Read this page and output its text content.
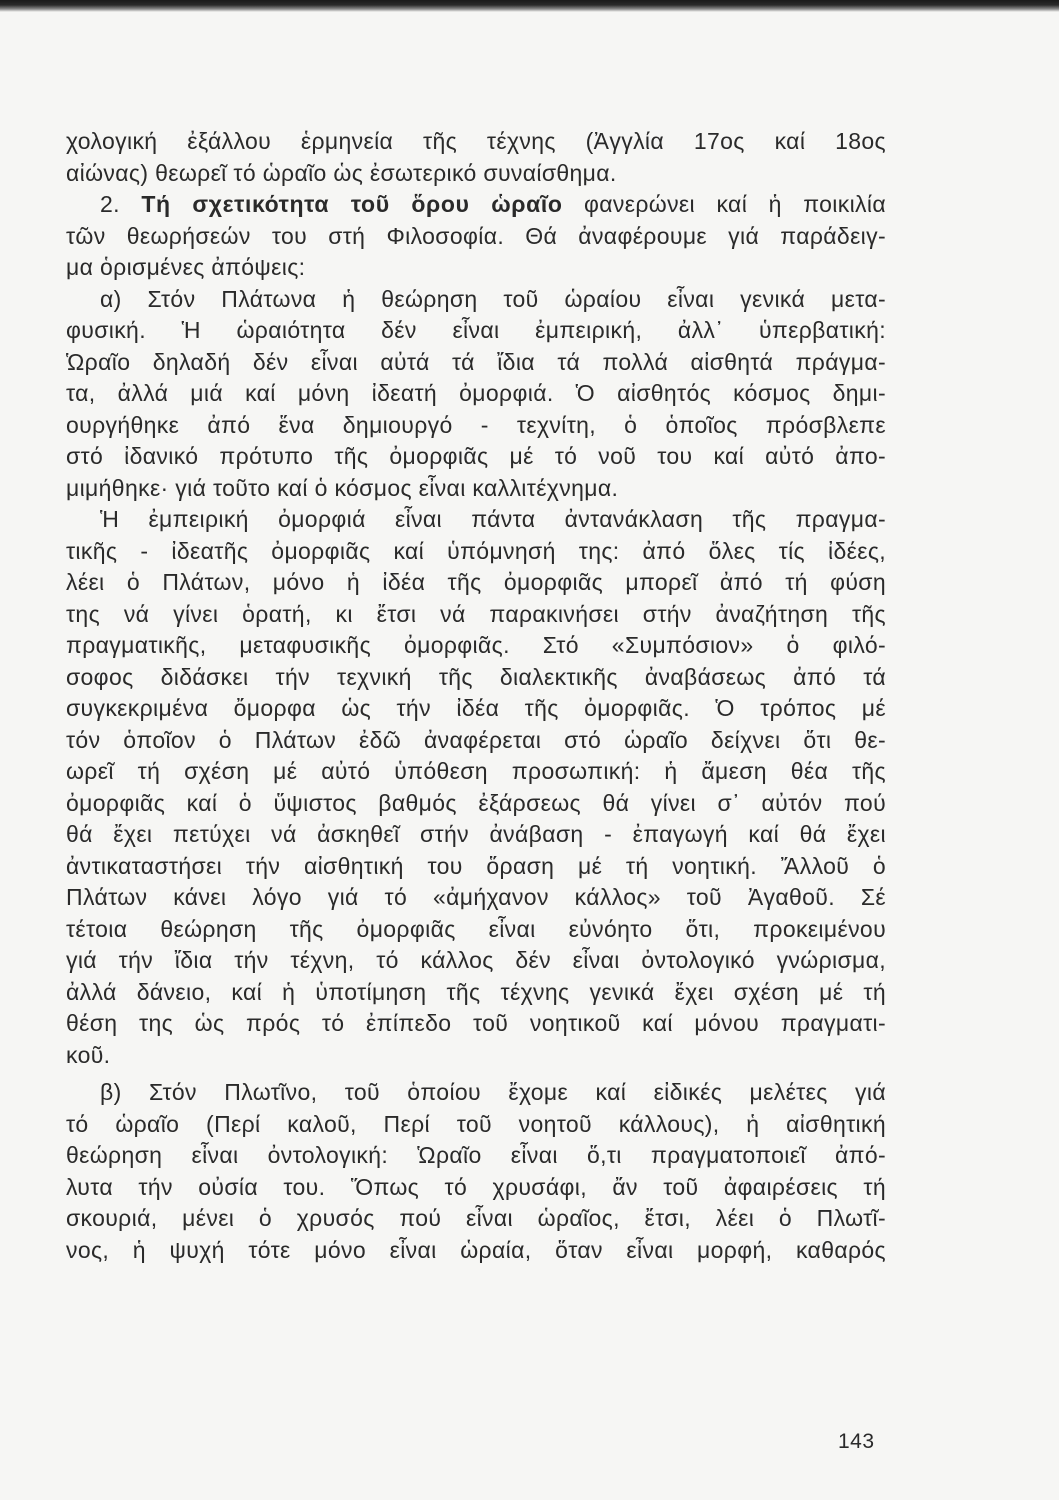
χολογική ἐξάλλου ἑρμηνεία τῆς τέχνης (Ἀγγλία 17ος καί 18ος
αἰώνας) θεωρεῖ τό ὡραῖο ὡς ἐσωτερικό συναίσθημα.
2. Τή σχετικότητα τοῦ ὅρου ὡραῖο φανερώνει καί ἡ ποικιλία
τῶν θεωρήσεών του στή Φιλοσοφία. Θά ἀναφέρουμε γιά παράδειγ-
μα ὁρισμένες ἀπόψεις:
α) Στόν Πλάτωνα ἡ θεώρηση τοῦ ὡραίου εἶναι γενικά μετα-
φυσική. Ἡ ὡραιότητα δέν εἶναι ἐμπειρική, ἀλλ᾽ ὑπερβατική:
Ὡραῖο δηλαδή δέν εἶναι αὐτά τά ἴδια τά πολλά αἰσθητά πράγμα-
τα, ἀλλά μιά καί μόνη ἰδεατή ὀμορφιά. Ὁ αἰσθητός κόσμος δημι-
ουργήθηκε ἀπό ἕνα δημιουργό - τεχνίτη, ὁ ὁποῖος πρόσβλεπε
στό ἰδανικό πρότυπο τῆς ὀμορφιᾶς μέ τό νοῦ του καί αὐτό ἀπο-
μιμήθηκε· γιά τοῦτο καί ὁ κόσμος εἶναι καλλιτέχνημα.
Ἡ ἐμπειρική ὀμορφιά εἶναι πάντα ἀντανάκλαση τῆς πραγμα-
τικῆς - ἰδεατῆς ὀμορφιᾶς καί ὑπόμνησή της: ἀπό ὅλες τίς ἰδέες,
λέει ὁ Πλάτων, μόνο ἡ ἰδέα τῆς ὀμορφιᾶς μπορεῖ ἀπό τή φύση
της νά γίνει ὁρατή, κι ἔτσι νά παρακινήσει στήν ἀναζήτηση τῆς
πραγματικῆς, μεταφυσικῆς ὀμορφιᾶς. Στό «Συμπόσιον» ὁ φιλό-
σοφος διδάσκει τήν τεχνική τῆς διαλεκτικῆς ἀναβάσεως ἀπό τά
συγκεκριμένα ὄμορφα ὡς τήν ἰδέα τῆς ὀμορφιᾶς. Ὁ τρόπος μέ
τόν ὁποῖον ὁ Πλάτων ἐδῶ ἀναφέρεται στό ὡραῖο δείχνει ὅτι θε-
ωρεῖ τή σχέση μέ αὐτό ὑπόθεση προσωπική: ἡ ἄμεση θέα τῆς
ὀμορφιᾶς καί ὁ ὕψιστος βαθμός ἐξάρσεως θά γίνει σ᾽ αὐτόν πού
θά ἔχει πετύχει νά ἀσκηθεῖ στήν ἀνάβαση - ἐπαγωγή καί θά ἔχει
ἀντικαταστήσει τήν αἰσθητική του ὅραση μέ τή νοητική. Ἄλλοῦ ὁ
Πλάτων κάνει λόγο γιά τό «ἀμήχανον κάλλος» τοῦ Ἀγαθοῦ. Σέ
τέτοια θεώρηση τῆς ὀμορφιᾶς εἶναι εὐνόητο ὅτι, προκειμένου
γιά τήν ἴδια τήν τέχνη, τό κάλλος δέν εἶναι ὀντολογικό γνώρισμα,
ἀλλά δάνειο, καί ἡ ὑποτίμηση τῆς τέχνης γενικά ἔχει σχέση μέ τή
θέση της ὡς πρός τό ἐπίπεδο τοῦ νοητικοῦ καί μόνου πραγματι-
κοῦ.
β) Στόν Πλωτῖνο, τοῦ ὁποίου ἔχομε καί εἰδικές μελέτες γιά
τό ὡραῖο (Περί καλοῦ, Περί τοῦ νοητοῦ κάλλους), ἡ αἰσθητική
θεώρηση εἶναι ὀντολογική: Ὡραῖο εἶναι ὅ,τι πραγματοποιεῖ ἀπό-
λυτα τήν οὐσία του. Ὅπως τό χρυσάφι, ἄν τοῦ ἀφαιρέσεις τή
σκουριά, μένει ὁ χρυσός πού εἶναι ὡραῖος, ἔτσι, λέει ὁ Πλωτῖ-
νος, ἡ ψυχή τότε μόνο εἶναι ὡραία, ὅταν εἶναι μορφή, καθαρός
143
